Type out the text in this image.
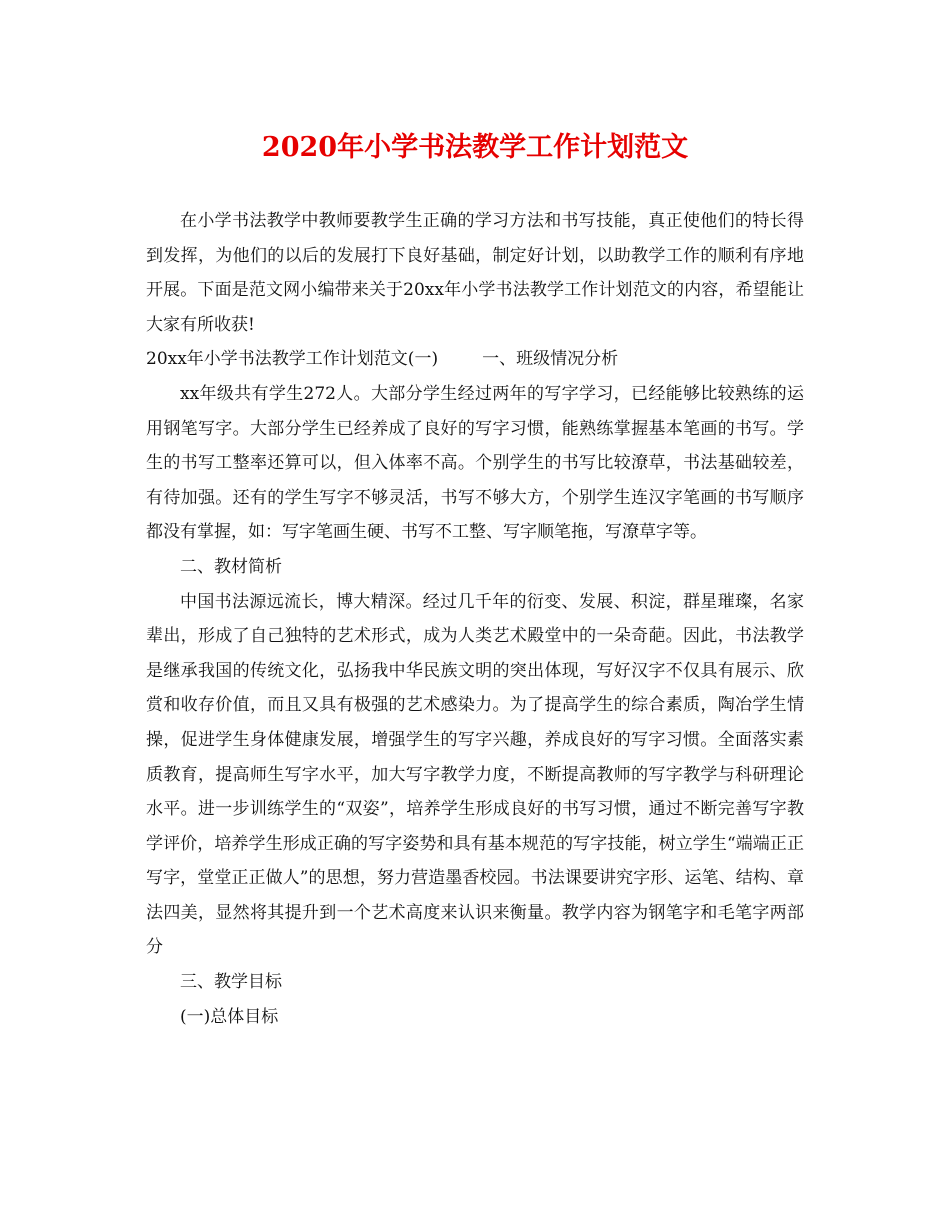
2020年小学书法教学工作计划范文

在小学书法教学中教师要教学生正确的学习方法和书写技能，真正使他们的特长得到发挥，为他们的以后的发展打下良好基础，制定好计划，以助教学工作的顺利有序地开展。下面是范文网小编带来关于20xx年小学书法教学工作计划范文的内容，希望能让大家有所收获!

20xx年小学书法教学工作计划范文(一)	一、班级情况分析

xx年级共有学生272人。大部分学生经过两年的写字学习，已经能够比较熟练的运用钢笔写字。大部分学生已经养成了良好的写字习惯，能熟练掌握基本笔画的书写。学生的书写工整率还算可以，但入体率不高。个别学生的书写比较潦草，书法基础较差，有待加强。还有的学生写字不够灵活，书写不够大方，个别学生连汉字笔画的书写顺序都没有掌握，如：写字笔画生硬、书写不工整、写字顺笔拖，写潦草字等。

二、教材简析

中国书法源远流长，博大精深。经过几千年的衍变、发展、积淀，群星璀璨，名家辈出，形成了自己独特的艺术形式，成为人类艺术殿堂中的一朵奇葩。因此，书法教学是继承我国的传统文化，弘扬我中华民族文明的突出体现，写好汉字不仅具有展示、欣赏和收存价值，而且又具有极强的艺术感染力。为了提高学生的综合素质，陶冶学生情操，促进学生身体健康发展，增强学生的写字兴趣，养成良好的写字习惯。全面落实素质教育，提高师生写字水平，加大写字教学力度，不断提高教师的写字教学与科研理论水平。进一步训练学生的“双姿”，培养学生形成良好的书写习惯，通过不断完善写字教学评价，培养学生形成正确的写字姿势和具有基本规范的写字技能，树立学生“端端正正写字，堂堂正正做人”的思想，努力营造墨香校园。书法课要讲究字形、运笔、结构、章法四美，显然将其提升到一个艺术高度来认识来衡量。教学内容为钢笔字和毛笔字两部分

三、教学目标

(一)总体目标
